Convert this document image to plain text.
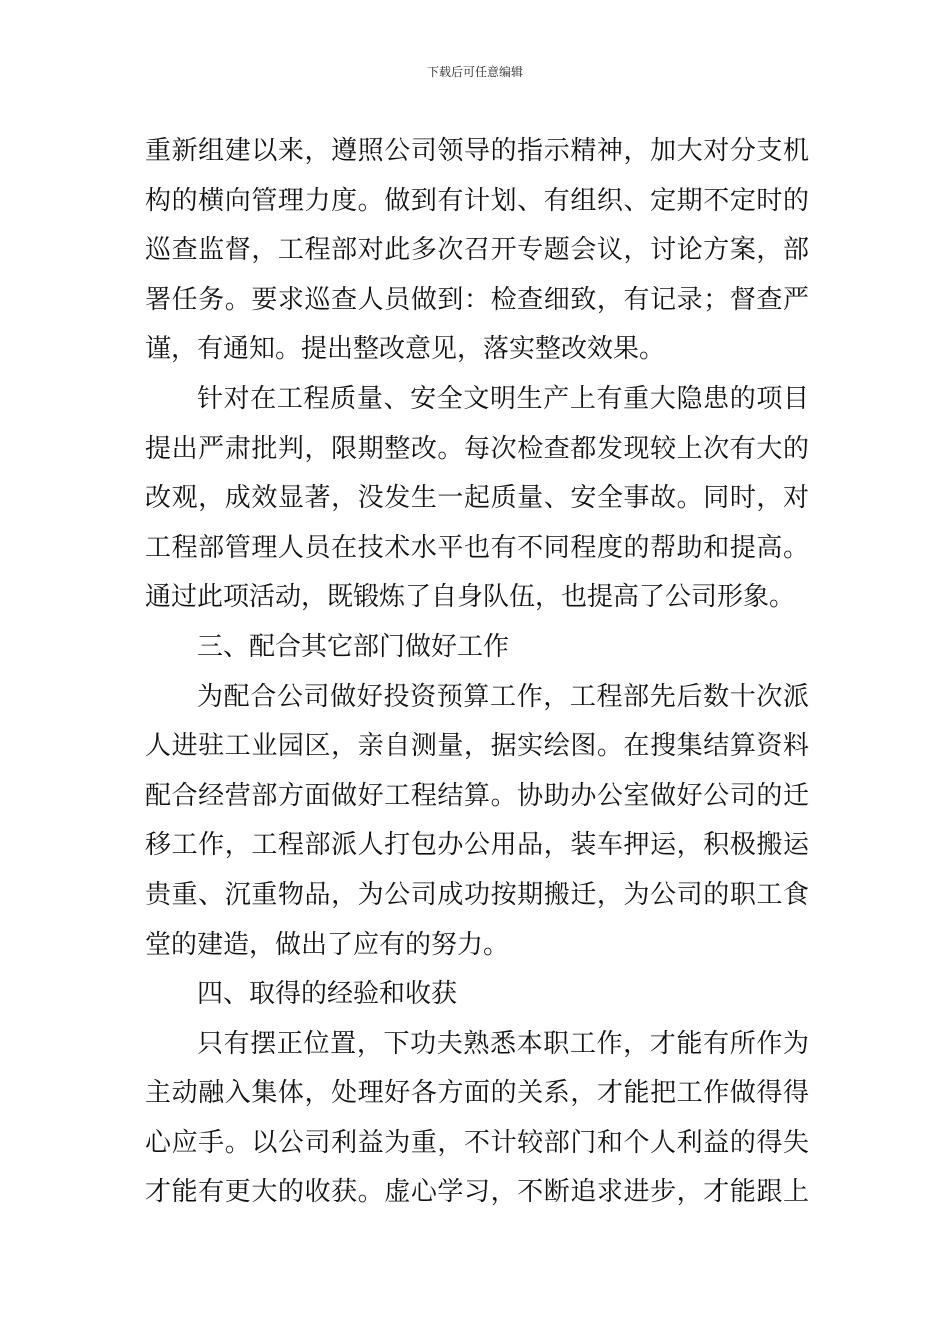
下载后可任意编辑
重新组建以来，遵照公司领导的指示精神，加大对分支机
构的横向管理力度。做到有计划、有组织、定期不定时的
巡查监督，工程部对此多次召开专题会议，讨论方案，部
署任务。要求巡查人员做到：检查细致，有记录；督查严
谨，有通知。提出整改意见，落实整改效果。
针对在工程质量、安全文明生产上有重大隐患的项目
提出严肃批判，限期整改。每次检查都发现较上次有大的
改观，成效显著，没发生一起质量、安全事故。同时，对
工程部管理人员在技术水平也有不同程度的帮助和提高。
通过此项活动，既锻炼了自身队伍，也提高了公司形象。
三、配合其它部门做好工作
为配合公司做好投资预算工作，工程部先后数十次派
人进驻工业园区，亲自测量，据实绘图。在搜集结算资料
配合经营部方面做好工程结算。协助办公室做好公司的迁
移工作，工程部派人打包办公用品，装车押运，积极搬运
贵重、沉重物品，为公司成功按期搬迁，为公司的职工食
堂的建造，做出了应有的努力。
四、取得的经验和收获
只有摆正位置，下功夫熟悉本职工作，才能有所作为
主动融入集体，处理好各方面的关系，才能把工作做得得
心应手。以公司利益为重，不计较部门和个人利益的得失
才能有更大的收获。虚心学习，不断追求进步，才能跟上
